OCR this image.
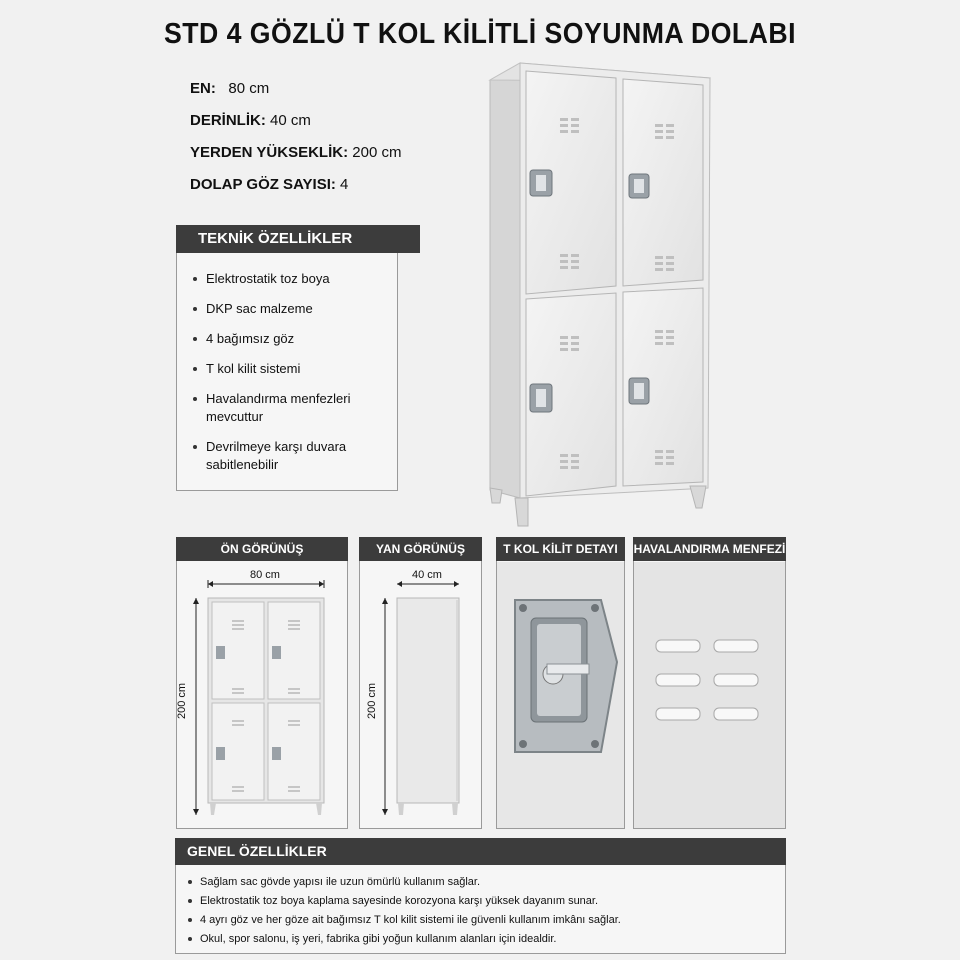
STD 4 GÖZLÜ T KOL KİLİTLİ SOYUNMA DOLABI
EN: 80 cm
DERİNLİK: 40 cm
YERDEN YÜKSEKLİK: 200 cm
DOLAP GÖZ SAYISI: 4
TEKNİK ÖZELLİKLER
Elektrostatik toz boya
DKP sac malzeme
4 bağımsız göz
T kol kilit sistemi
Havalandırma menfezleri mevcuttur
Devrilmeye karşı duvara sabitlenebilir
ÖN GÖRÜNÜŞ
80 cm
200 cm
YAN GÖRÜNÜŞ
40 cm
200 cm
T KOL KİLİT DETAYI	HAVALANDIRMA MENFEZİ
GENEL ÖZELLİKLER
Sağlam sac gövde yapısı ile uzun ömürlü kullanım sağlar.
Elektrostatik toz boya kaplama sayesinde korozyona karşı yüksek dayanım sunar.
4 ayrı göz ve her göze ait bağımsız T kol kilit sistemi ile güvenli kullanım imkânı sağlar.
Okul, spor salonu, iş yeri, fabrika gibi yoğun kullanım alanları için idealdir.
